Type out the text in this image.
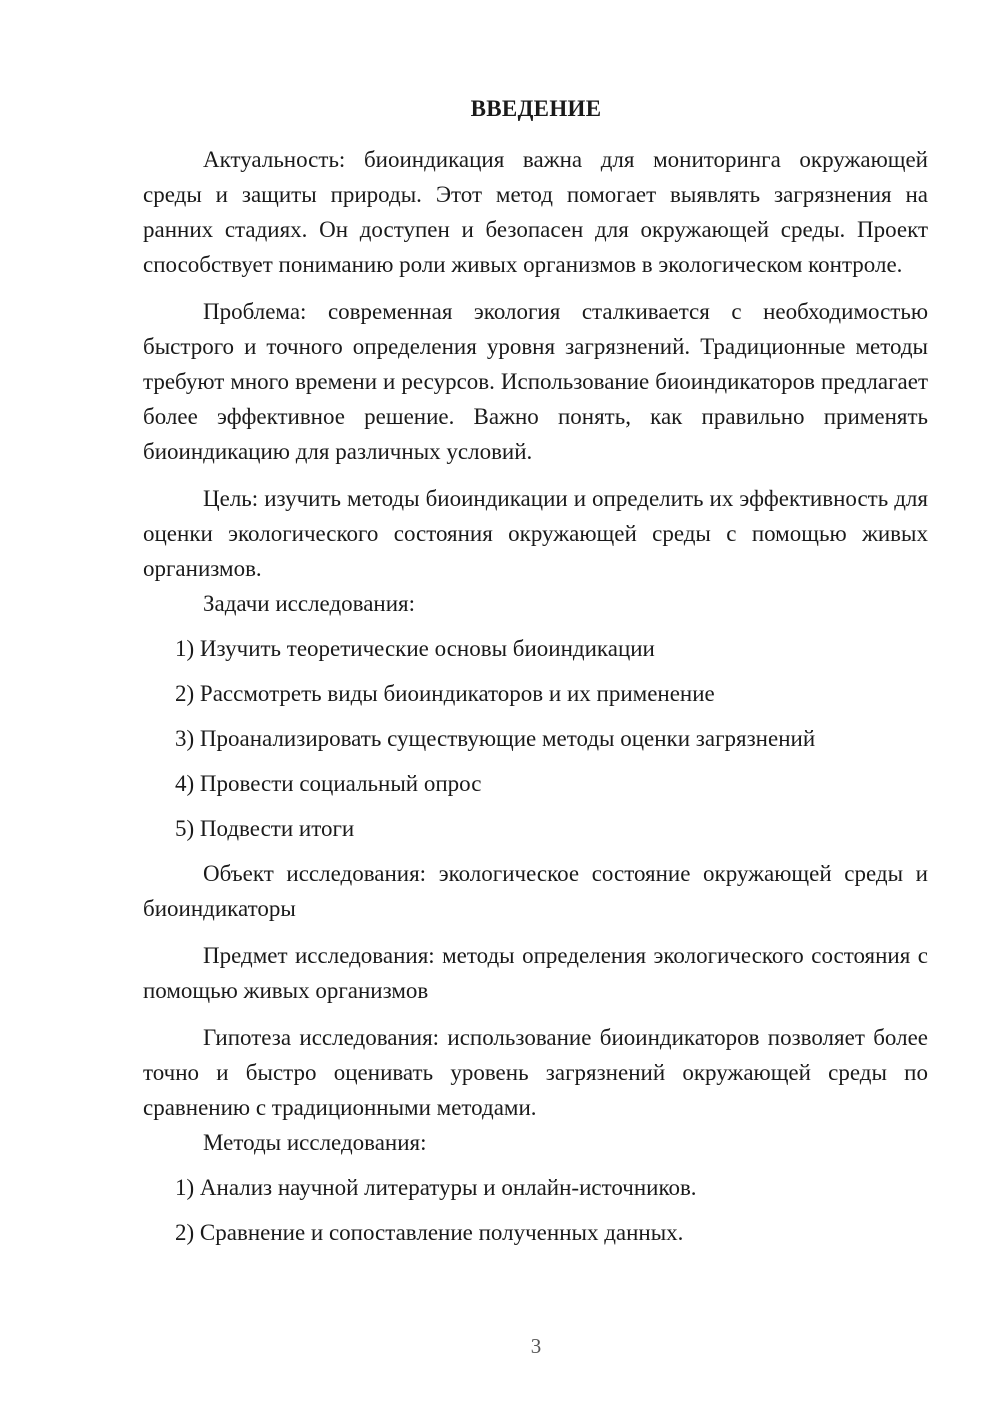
ВВЕДЕНИЕ

Актуальность: биоиндикация важна для мониторинга окружающей среды и защиты природы. Этот метод помогает выявлять загрязнения на ранних стадиях. Он доступен и безопасен для окружающей среды. Проект способствует пониманию роли живых организмов в экологическом контроле.

Проблема: современная экология сталкивается с необходимостью быстрого и точного определения уровня загрязнений. Традиционные методы требуют много времени и ресурсов. Использование биоиндикаторов предлагает более эффективное решение. Важно понять, как правильно применять биоиндикацию для различных условий.

Цель: изучить методы биоиндикации и определить их эффективность для оценки экологического состояния окружающей среды с помощью живых организмов.

Задачи исследования:

1) Изучить теоретические основы биоиндикации
2) Рассмотреть виды биоиндикаторов и их применение
3) Проанализировать существующие методы оценки загрязнений
4) Провести социальный опрос
5) Подвести итоги

Объект исследования: экологическое состояние окружающей среды и биоиндикаторы

Предмет исследования: методы определения экологического состояния с помощью живых организмов

Гипотеза исследования: использование биоиндикаторов позволяет более точно и быстро оценивать уровень загрязнений окружающей среды по сравнению с традиционными методами.

Методы исследования:

1) Анализ научной литературы и онлайн-источников.
2) Сравнение и сопоставление полученных данных.
3
